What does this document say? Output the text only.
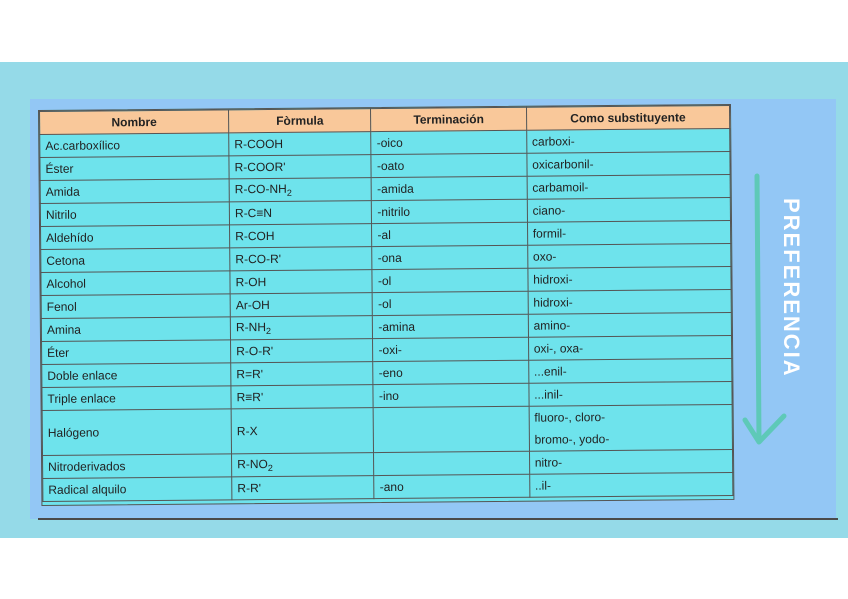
Nombre	Fòrmula	Terminación	Como substituyente
Ac.carboxílico	R-COOH	-oico	carboxi-

Éster	R-COOR'	-oato	oxicarbonil-

Amida	$R-CO-NH_2$	-amida	carbamoil-

Nitrilo	R-C≡N	-nitrilo	ciano-

Aldehído	R-COH	-al	formil-

Cetona	R-CO-R'	-ona	oxo-

Alcohol	R-OH	-ol	hidroxi-

Fenol	Ar-OH	-ol	hidroxi-

Amina	$R-NH_2$	-amina	amino-

Éter	R-O-R'	-oxi-	oxi-, oxa-

Doble enlace	R=R'	-eno	...enil-

Triple enlace	R≡R'	-ino	...inil-

Halógeno	R-X		fluoro-, cloro-
bromo-, yodo-

Nitroderivados	$R-NO_2$		nitro-

Radical alquilo	R-R'	-ano	..il-
PREFERENCIA
